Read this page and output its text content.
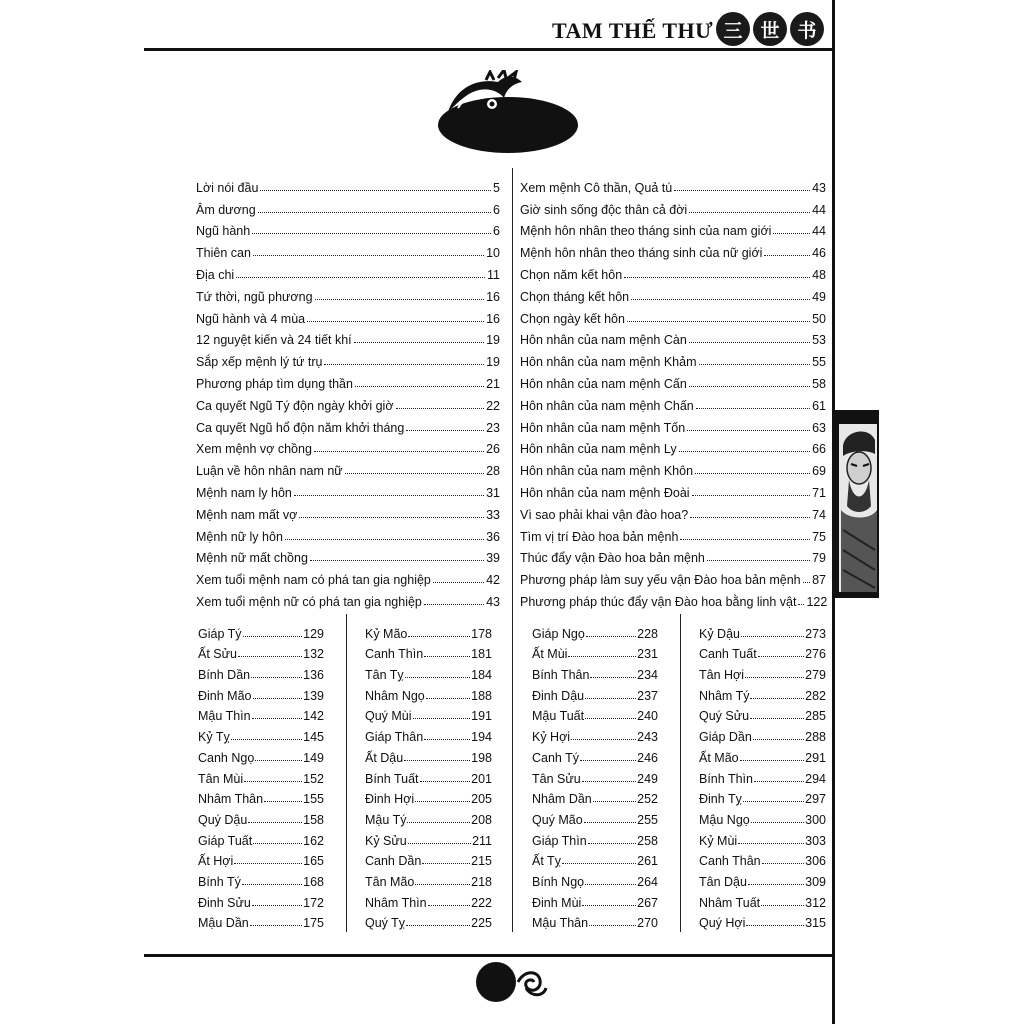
TAM THẾ THƯ 三 世 书
Lời nói đầu	5
Âm dương	6
Ngũ hành	6
Thiên can	10
Địa chi	11
Tứ thời, ngũ phương	16
Ngũ hành và 4 mùa	16
12 nguyệt kiến và 24 tiết khí	19
Sắp xếp mệnh lý tứ trụ	19
Phương pháp tìm dụng thần	21
Ca quyết Ngũ Tý độn ngày khởi giờ	22
Ca quyết Ngũ hổ độn năm khởi tháng	23
Xem mệnh vợ chồng	26
Luận về hôn nhân nam nữ	28
Mệnh nam ly hôn	31
Mệnh nam mất vợ	33
Mệnh nữ ly hôn	36
Mệnh nữ mất chồng	39
Xem tuổi mệnh nam có phá tan gia nghiệp	42
Xem tuổi mệnh nữ có phá tan gia nghiệp	43
Xem mệnh Cô thần, Quả tú	43
Giờ sinh sống độc thân cả đời	44
Mệnh hôn nhân theo tháng sinh của nam giới	44
Mệnh hôn nhân theo tháng sinh của nữ giới	46
Chọn năm kết hôn	48
Chọn tháng kết hôn	49
Chọn ngày kết hôn	50
Hôn nhân của nam mệnh Càn	53
Hôn nhân của nam mệnh Khảm	55
Hôn nhân của nam mệnh Cấn	58
Hôn nhân của nam mệnh Chấn	61
Hôn nhân của nam mệnh Tốn	63
Hôn nhân của nam mệnh Ly	66
Hôn nhân của nam mệnh Khôn	69
Hôn nhân của nam mệnh Đoài	71
Vì sao phải khai vận đào hoa?	74
Tìm vị trí Đào hoa bản mệnh	75
Thúc đẩy vận Đào hoa bản mệnh	79
Phương pháp làm suy yếu vận Đào hoa bản mệnh 87
Phương pháp thúc đẩy vận Đào hoa bằng linh vật 122
Giáp Tý	129
Ất Sửu	132
Bính Dần	136
Đinh Mão	139
Mậu Thìn	142
Kỷ Tỵ	145
Canh Ngọ	149
Tân Mùi	152
Nhâm Thân	155
Quý Dậu	158
Giáp Tuất	162
Ất Hợi	165
Bính Tý	168
Đinh Sửu	172
Mậu Dần	175
Kỷ Mão	178
Canh Thìn	181
Tân Tỵ	184
Nhâm Ngọ	188
Quý Mùi	191
Giáp Thân	194
Ất Dậu	198
Bính Tuất	201
Đinh Hợi	205
Mậu Tý	208
Kỷ Sửu	211
Canh Dần	215
Tân Mão	218
Nhâm Thìn	222
Quý Tỵ	225
Giáp Ngọ	228
Ất Mùi	231
Bính Thân	234
Đinh Dậu	237
Mậu Tuất	240
Kỷ Hợi	243
Canh Tý	246
Tân Sửu	249
Nhâm Dần	252
Quý Mão	255
Giáp Thìn	258
Ất Tỵ	261
Bính Ngọ	264
Đinh Mùi	267
Mậu Thân	270
Kỷ Dậu	273
Canh Tuất	276
Tân Hợi	279
Nhâm Tý	282
Quý Sửu	285
Giáp Dần	288
Ất Mão	291
Bính Thìn	294
Đinh Tỵ	297
Mậu Ngọ	300
Kỷ Mùi	303
Canh Thân	306
Tân Dậu	309
Nhâm Tuất	312
Quý Hợi	315
